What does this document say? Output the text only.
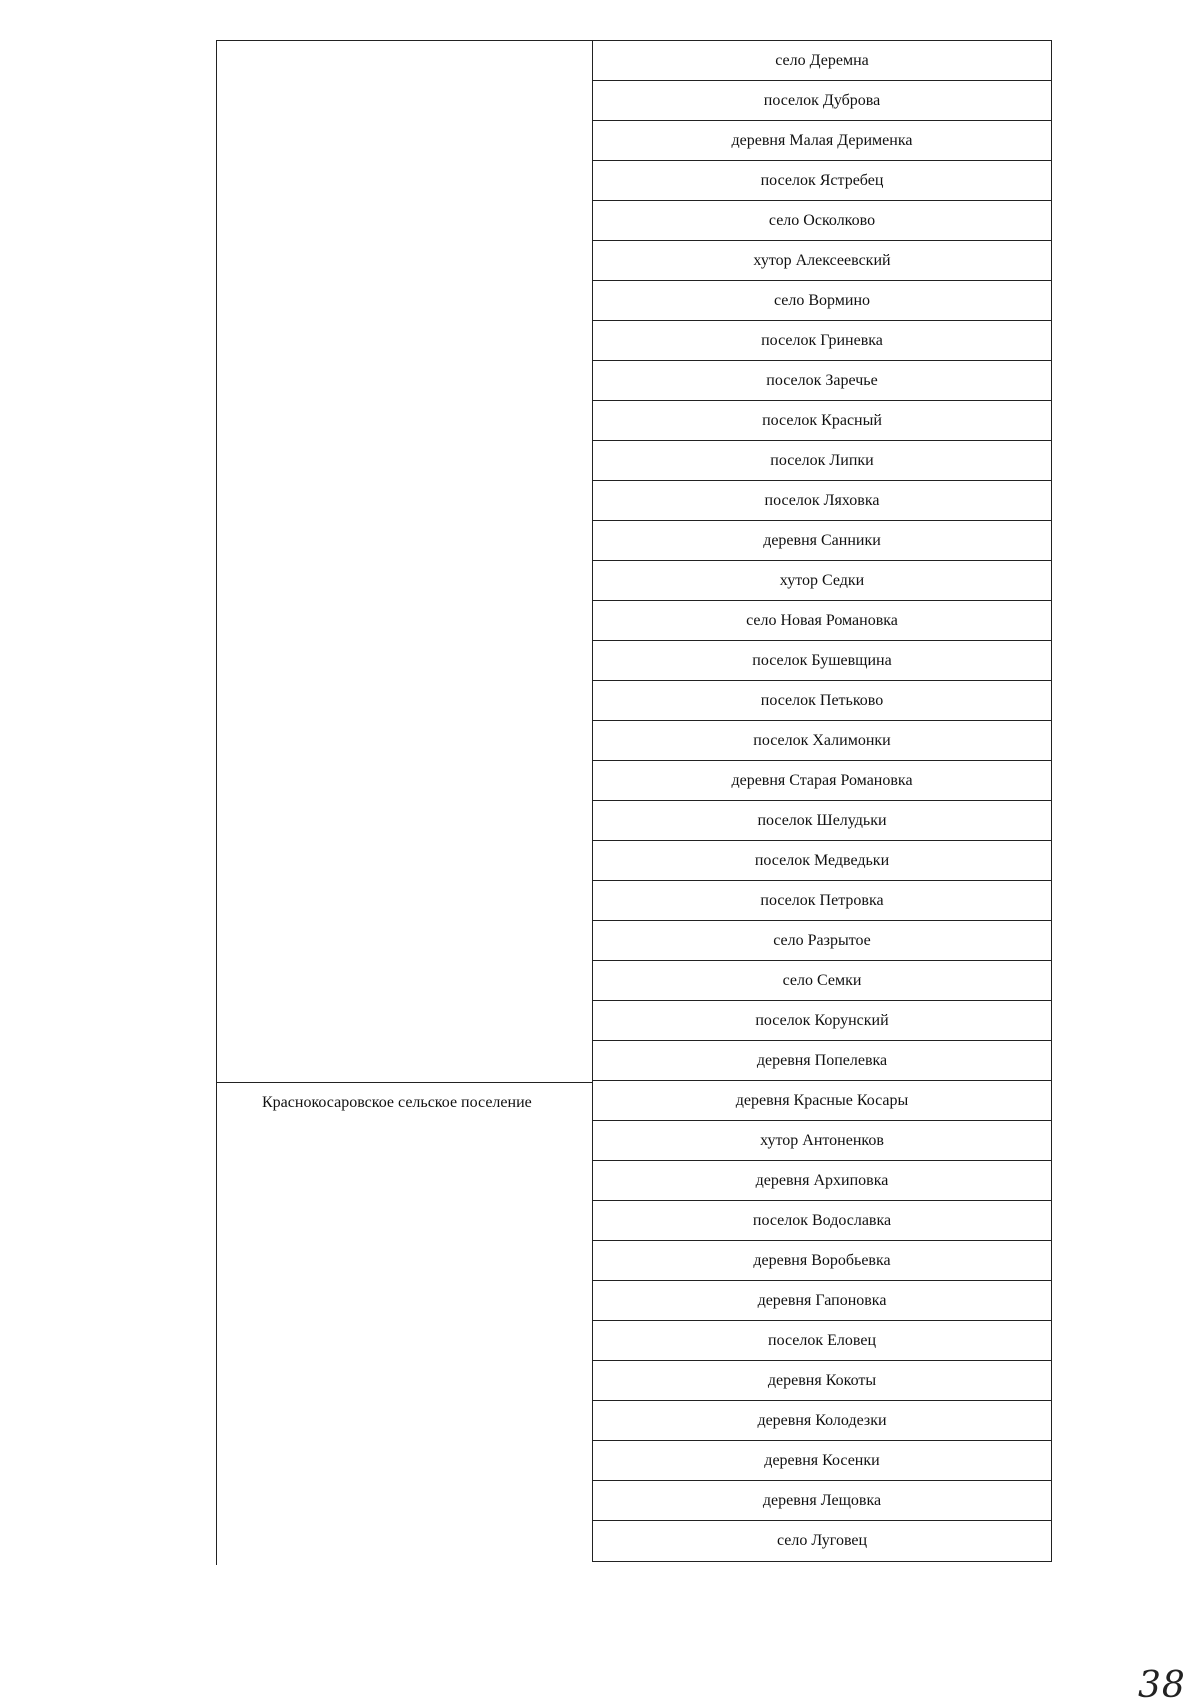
Краснокосаровское сельское поселение
село Деремна
поселок Дуброва
деревня Малая Дерименка
поселок Ястребец
село Осколково
хутор Алексеевский
село Вормино
поселок Гриневка
поселок Заречье
поселок Красный
поселок Липки
поселок Ляховка
деревня Санники
хутор Седки
село Новая Романовка
поселок Бушевщина
поселок Петьково
поселок Халимонки
деревня Старая Романовка
поселок Шелудьки
поселок Медведьки
поселок Петровка
село Разрытое
село Семки
поселок Корунский
деревня Попелевка
деревня Красные Косары
хутор Антоненков
деревня Архиповка
поселок Водославка
деревня Воробьевка
деревня Гапоновка
поселок Еловец
деревня Кокоты
деревня Колодезки
деревня Косенки
деревня Лещовка
село Луговец
38
